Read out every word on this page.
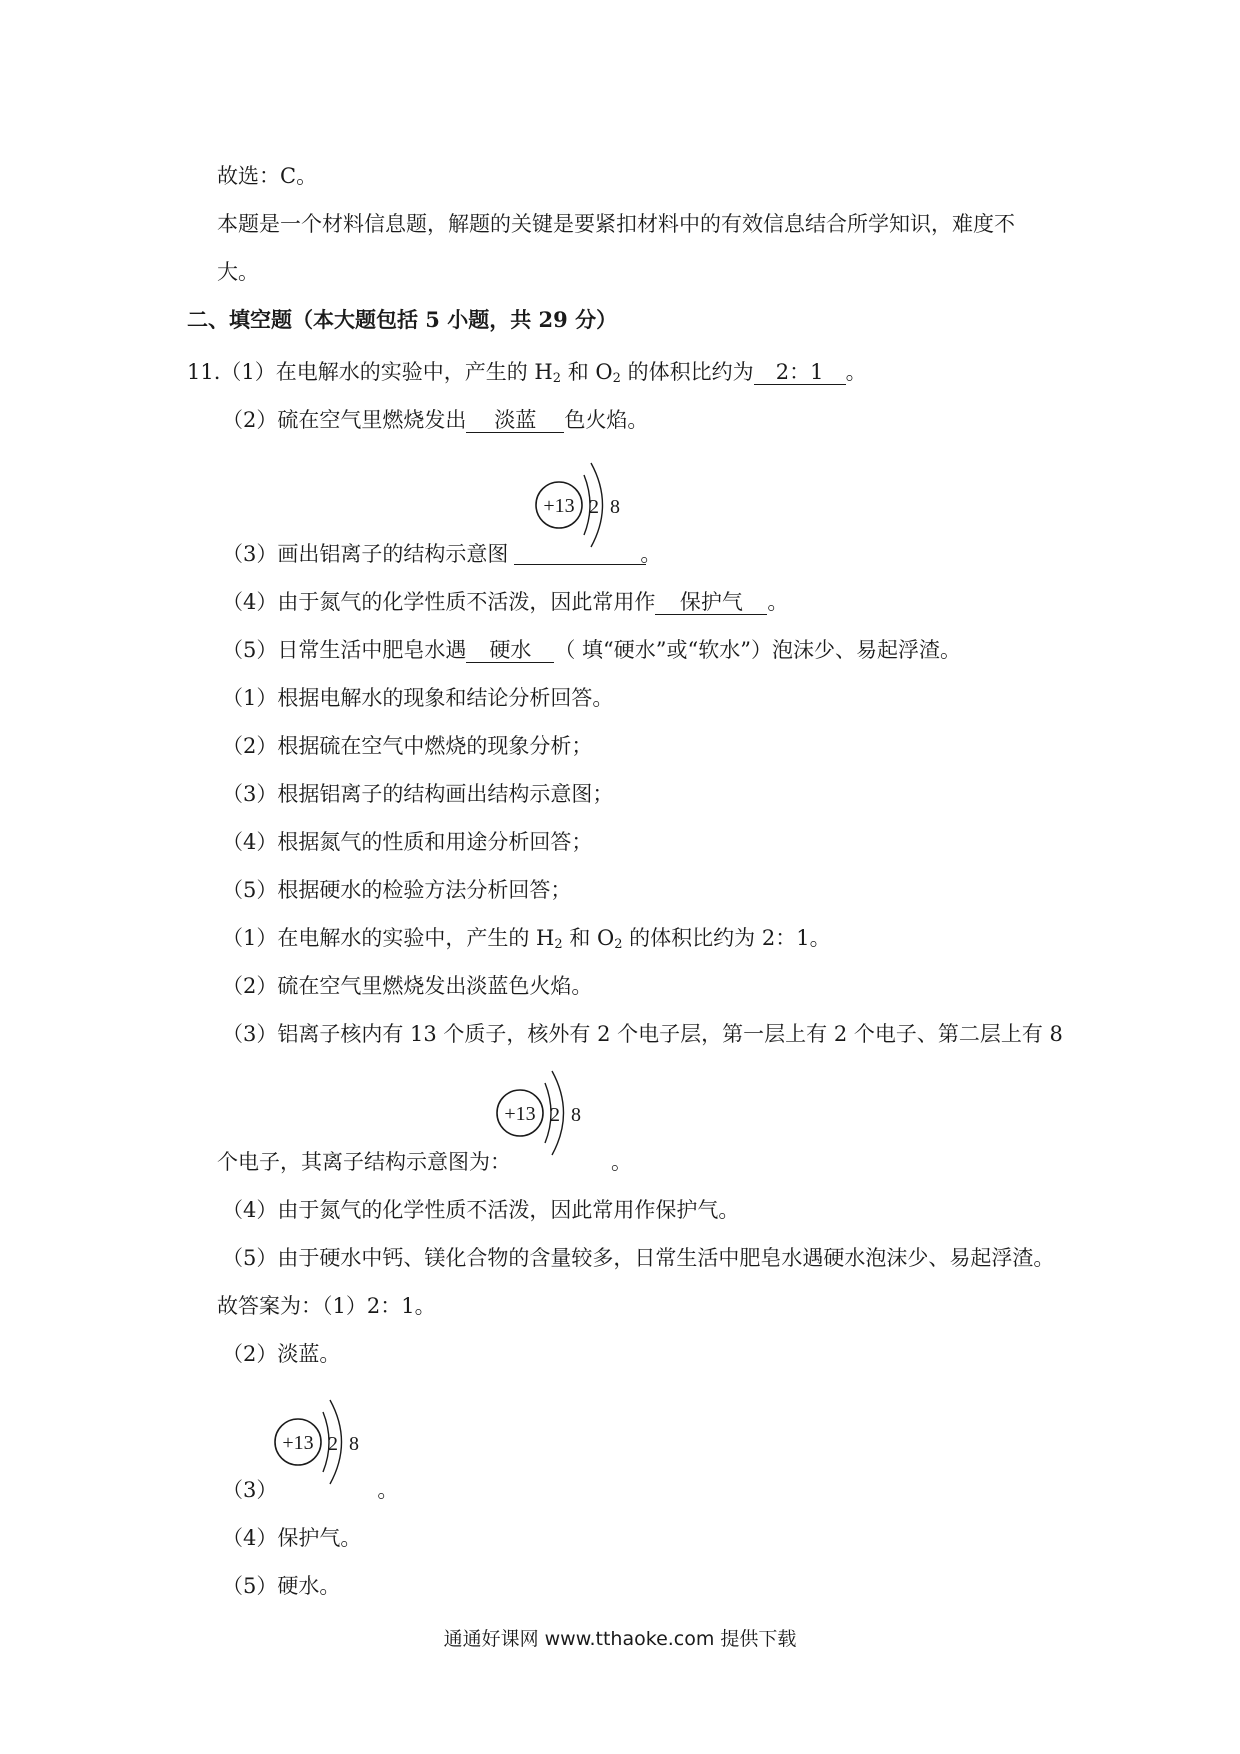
故选：C。
本题是一个材料信息题，解题的关键是要紧扣材料中的有效信息结合所学知识，难度不
大。
二、填空题（本大题包括 5 小题，共 29 分）
11.（1）在电解水的实验中，产生的 $H_2$ 和 $O_2$ 的体积比约为 2：1 。
（2）硫在空气里燃烧发出 淡蓝 色火焰。
+13 2 8
（3）画出铝离子的结构示意图	。
（4）由于氮气的化学性质不活泼，因此常用作 保护气 。
（5）日常生活中肥皂水遇 硬水 （ 填“硬水”或“软水”）泡沫少、易起浮渣。
（1）根据电解水的现象和结论分析回答。
（2）根据硫在空气中燃烧的现象分析；
（3）根据铝离子的结构画出结构示意图；
（4）根据氮气的性质和用途分析回答；
（5）根据硬水的检验方法分析回答；
（1）在电解水的实验中，产生的 $H_2$ 和 $O_2$ 的体积比约为 2：1。
（2）硫在空气里燃烧发出淡蓝色火焰。
（3）铝离子核内有 13 个质子，核外有 2 个电子层，第一层上有 2 个电子、第二层上有 8
+13 2 8
个电子，其离子结构示意图为：	。
（4）由于氮气的化学性质不活泼，因此常用作保护气。
（5）由于硬水中钙、镁化合物的含量较多，日常生活中肥皂水遇硬水泡沫少、易起浮渣。
故答案为：（1）2：1。
（2）淡蓝。
+13 2 8
（3）	。
（4）保护气。
（5）硬水。
通通好课网 www.tthaoke.com 提供下载
